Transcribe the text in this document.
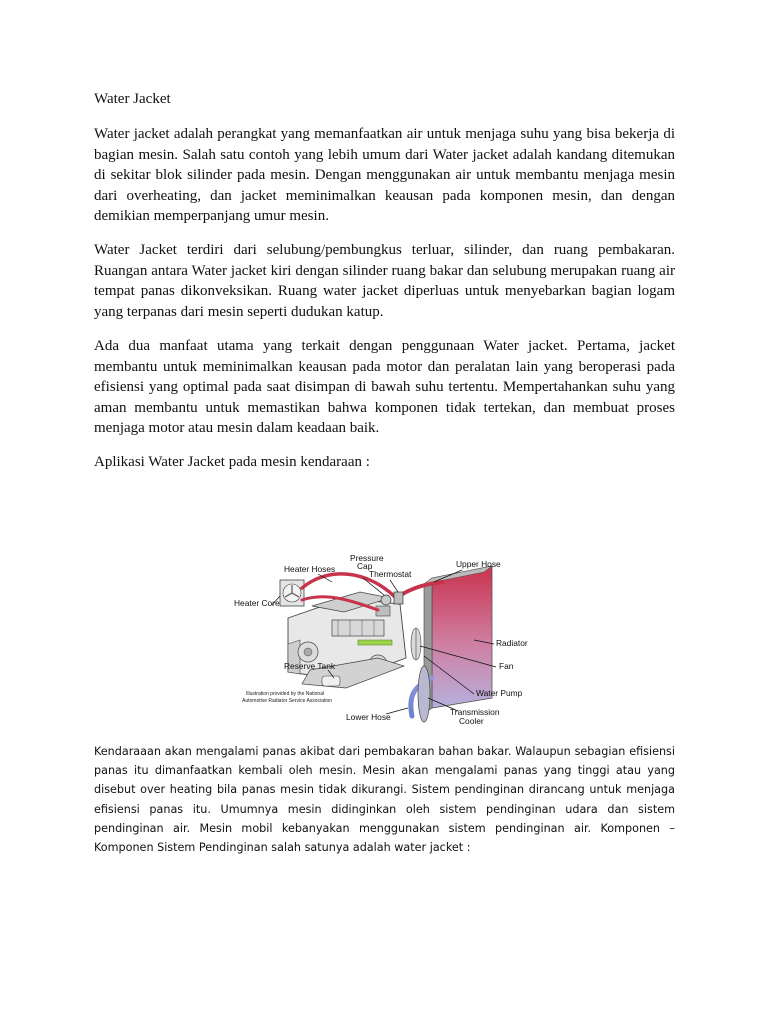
Water Jacket

Water jacket adalah perangkat yang memanfaatkan air untuk menjaga suhu yang bisa bekerja di bagian mesin. Salah satu contoh yang lebih umum dari Water jacket adalah kandang ditemukan di sekitar blok silinder pada mesin. Dengan menggunakan air untuk membantu menjaga mesin dari overheating, dan jacket meminimalkan keausan pada komponen mesin, dan dengan demikian memperpanjang umur mesin.

Water Jacket terdiri dari selubung/pembungkus terluar, silinder, dan ruang pembakaran. Ruangan antara Water jacket kiri dengan silinder ruang bakar dan selubung merupakan ruang air tempat panas dikonveksikan. Ruang water jacket diperluas untuk menyebarkan bagian logam yang terpanas dari mesin seperti dudukan katup.

Ada dua manfaat utama yang terkait dengan penggunaan Water jacket. Pertama, jacket membantu untuk meminimalkan keausan pada motor dan peralatan lain yang beroperasi pada efisiensi yang optimal pada saat disimpan di bawah suhu tertentu. Mempertahankan suhu yang aman membantu untuk memastikan bahwa komponen tidak tertekan, dan membuat proses menjaga motor atau mesin dalam keadaan baik.

Aplikasi Water Jacket pada mesin kendaraan :
Pressure
Cap
Heater Hoses	Thermostat
Upper Hose
Heater Core
Radiator
Fan
Reserve Tank
Water Pump
Illustration provided by the National
Automotive Radiator Service Association
Lower Hose	Transmission
Cooler

Kendaraaan akan mengalami panas akibat dari pembakaran bahan bakar. Walaupun sebagian efisiensi panas itu dimanfaatkan kembali oleh mesin. Mesin akan mengalami panas yang tinggi atau yang disebut over heating bila panas mesin tidak dikurangi. Sistem pendinginan dirancang untuk menjaga efisiensi panas itu. Umumnya mesin didinginkan oleh sistem pendinginan udara dan sistem pendinginan air. Mesin mobil kebanyakan menggunakan sistem pendinginan air. Komponen – Komponen Sistem Pendinginan salah satunya adalah water jacket :
